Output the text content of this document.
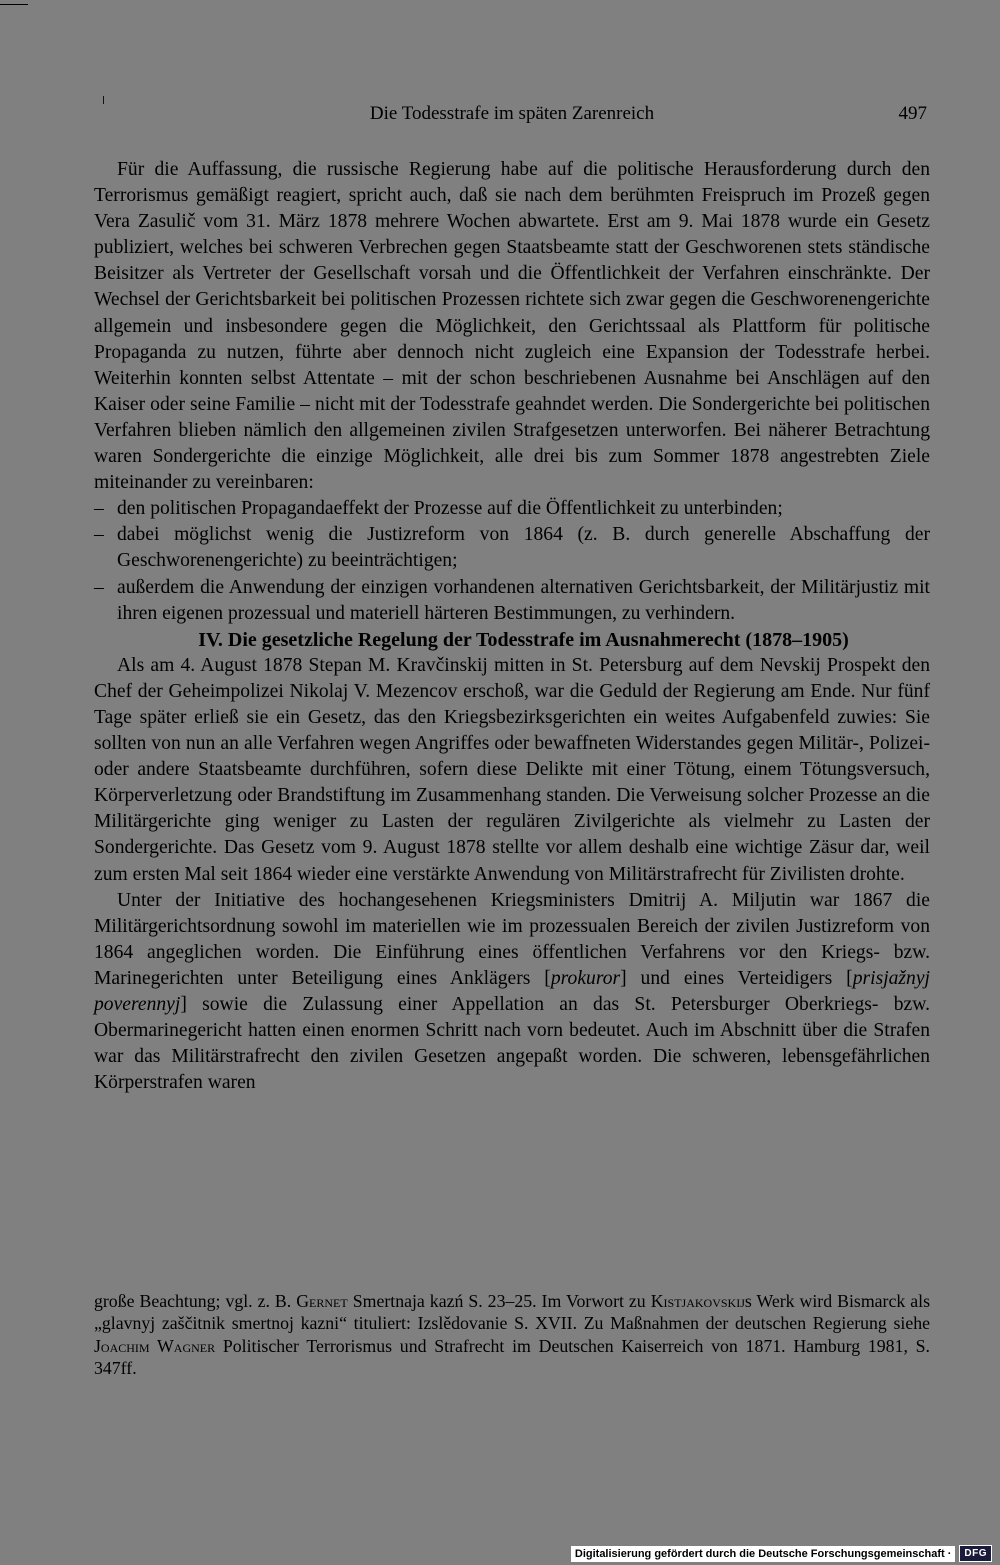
Die Todesstrafe im späten Zarenreich	497

Für die Auffassung, die russische Regierung habe auf die politische Herausforderung durch den Terrorismus gemäßigt reagiert, spricht auch, daß sie nach dem berühmten Freispruch im Prozeß gegen Vera Zasulič vom 31. März 1878 mehrere Wochen abwartete. Erst am 9. Mai 1878 wurde ein Gesetz publiziert, welches bei schweren Verbrechen gegen Staatsbeamte statt der Geschworenen stets ständische Beisitzer als Vertreter der Gesellschaft vorsah und die Öffentlichkeit der Verfahren einschränkte. Der Wechsel der Gerichtsbarkeit bei politischen Prozessen richtete sich zwar gegen die Geschworenengerichte allgemein und insbesondere gegen die Möglichkeit, den Gerichtssaal als Plattform für politische Propaganda zu nutzen, führte aber dennoch nicht zugleich eine Expansion der Todesstrafe herbei. Weiterhin konnten selbst Attentate – mit der schon beschriebenen Ausnahme bei Anschlägen auf den Kaiser oder seine Familie – nicht mit der Todesstrafe geahndet werden. Die Sondergerichte bei politischen Verfahren blieben nämlich den allgemeinen zivilen Strafgesetzen unterworfen. Bei näherer Betrachtung waren Sondergerichte die einzige Möglichkeit, alle drei bis zum Sommer 1878 angestrebten Ziele miteinander zu vereinbaren:

– den politischen Propagandaeffekt der Prozesse auf die Öffentlichkeit zu unterbinden;
– dabei möglichst wenig die Justizreform von 1864 (z. B. durch generelle Abschaffung der Geschworenengerichte) zu beeinträchtigen;
– außerdem die Anwendung der einzigen vorhandenen alternativen Gerichtsbarkeit, der Militärjustiz mit ihren eigenen prozessual und materiell härteren Bestimmungen, zu verhindern.

IV. Die gesetzliche Regelung der Todesstrafe im Ausnahmerecht (1878–1905)

Als am 4. August 1878 Stepan M. Kravčinskij mitten in St. Petersburg auf dem Nevskij Prospekt den Chef der Geheimpolizei Nikolaj V. Mezencov erschoß, war die Geduld der Regierung am Ende. Nur fünf Tage später erließ sie ein Gesetz, das den Kriegsbezirksgerichten ein weites Aufgabenfeld zuwies: Sie sollten von nun an alle Verfahren wegen Angriffes oder bewaffneten Widerstandes gegen Militär-, Polizei- oder andere Staatsbeamte durchführen, sofern diese Delikte mit einer Tötung, einem Tötungsversuch, Körperverletzung oder Brandstiftung im Zusammenhang standen. Die Verweisung solcher Prozesse an die Militärgerichte ging weniger zu Lasten der regulären Zivilgerichte als vielmehr zu Lasten der Sondergerichte. Das Gesetz vom 9. August 1878 stellte vor allem deshalb eine wichtige Zäsur dar, weil zum ersten Mal seit 1864 wieder eine verstärkte Anwendung von Militärstrafrecht für Zivilisten drohte.

Unter der Initiative des hochangesehenen Kriegsministers Dmitrij A. Miljutin war 1867 die Militärgerichtsordnung sowohl im materiellen wie im prozessualen Bereich der zivilen Justizreform von 1864 angeglichen worden. Die Einführung eines öffentlichen Verfahrens vor den Kriegs- bzw. Marinegerichten unter Beteiligung eines Anklägers [prokuror] und eines Verteidigers [prisjažnyj poverennyj] sowie die Zulassung einer Appellation an das St. Petersburger Oberkriegs- bzw. Obermarinegericht hatten einen enormen Schritt nach vorn bedeutet. Auch im Abschnitt über die Strafen war das Militärstrafrecht den zivilen Gesetzen angepaßt worden. Die schweren, lebensgefährlichen Körperstrafen waren

große Beachtung; vgl. z. B. Gernet Smertnaja kazń S. 23–25. Im Vorwort zu Kistjakovskijs Werk wird Bismarck als „glavnyj zaščitnik smertnoj kazni“ tituliert: Izslědovanie S. XVII. Zu Maßnahmen der deutschen Regierung siehe Joachim Wagner Politischer Terrorismus und Strafrecht im Deutschen Kaiserreich von 1871. Hamburg 1981, S. 347ff.

Digitalisierung gefördert durch die Deutsche Forschungsgemeinschaft ·	DFG
